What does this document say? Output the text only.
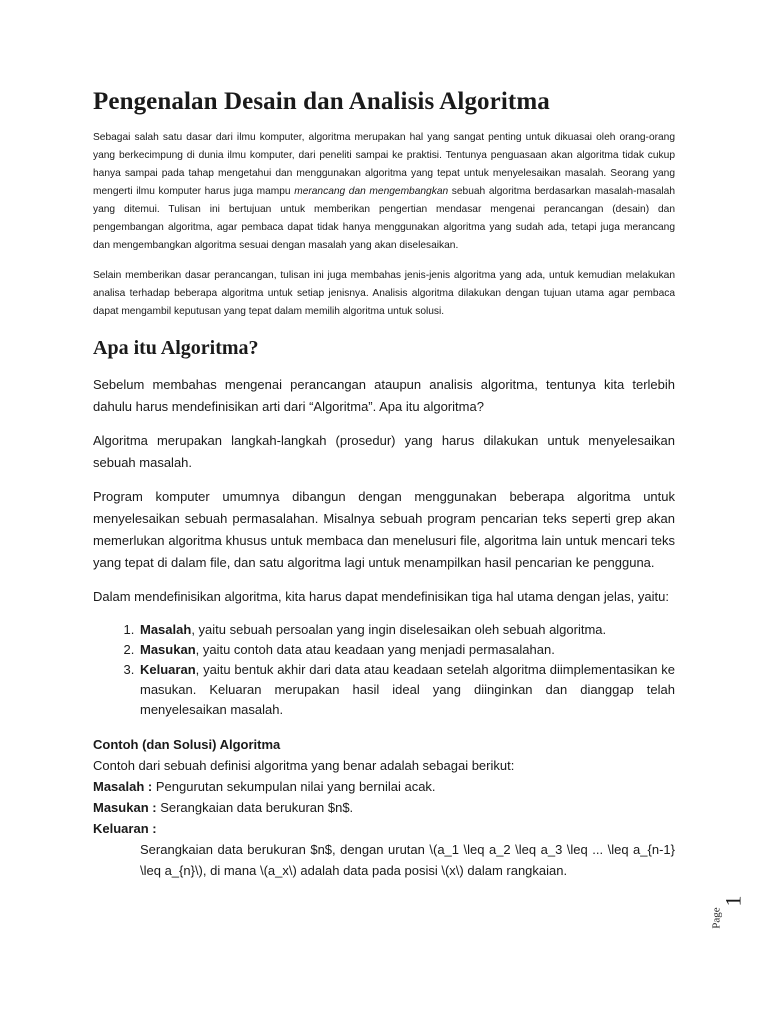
Pengenalan Desain dan Analisis Algoritma

Sebagai salah satu dasar dari ilmu komputer, algoritma merupakan hal yang sangat penting untuk dikuasai oleh orang-orang yang berkecimpung di dunia ilmu komputer, dari peneliti sampai ke praktisi. Tentunya penguasaan akan algoritma tidak cukup hanya sampai pada tahap mengetahui dan menggunakan algoritma yang tepat untuk menyelesaikan masalah. Seorang yang mengerti ilmu komputer harus juga mampu merancang dan mengembangkan sebuah algoritma berdasarkan masalah-masalah yang ditemui. Tulisan ini bertujuan untuk memberikan pengertian mendasar mengenai perancangan (desain) dan pengembangan algoritma, agar pembaca dapat tidak hanya menggunakan algoritma yang sudah ada, tetapi juga merancang dan mengembangkan algoritma sesuai dengan masalah yang akan diselesaikan.

Selain memberikan dasar perancangan, tulisan ini juga membahas jenis-jenis algoritma yang ada, untuk kemudian melakukan analisa terhadap beberapa algoritma untuk setiap jenisnya. Analisis algoritma dilakukan dengan tujuan utama agar pembaca dapat mengambil keputusan yang tepat dalam memilih algoritma untuk solusi.

Apa itu Algoritma?

Sebelum membahas mengenai perancangan ataupun analisis algoritma, tentunya kita terlebih dahulu harus mendefinisikan arti dari “Algoritma”. Apa itu algoritma?

Algoritma merupakan langkah-langkah (prosedur) yang harus dilakukan untuk menyelesaikan sebuah masalah.

Program komputer umumnya dibangun dengan menggunakan beberapa algoritma untuk menyelesaikan sebuah permasalahan. Misalnya sebuah program pencarian teks seperti grep akan memerlukan algoritma khusus untuk membaca dan menelusuri file, algoritma lain untuk mencari teks yang tepat di dalam file, dan satu algoritma lagi untuk menampilkan hasil pencarian ke pengguna.

Dalam mendefinisikan algoritma, kita harus dapat mendefinisikan tiga hal utama dengan jelas, yaitu:

1. Masalah, yaitu sebuah persoalan yang ingin diselesaikan oleh sebuah algoritma.
2. Masukan, yaitu contoh data atau keadaan yang menjadi permasalahan.
3. Keluaran, yaitu bentuk akhir dari data atau keadaan setelah algoritma diimplementasikan ke masukan. Keluaran merupakan hasil ideal yang diinginkan dan dianggap telah menyelesaikan masalah.

Contoh (dan Solusi) Algoritma

Contoh dari sebuah definisi algoritma yang benar adalah sebagai berikut:

Masalah : Pengurutan sekumpulan nilai yang bernilai acak.

Masukan : Serangkaian data berukuran $n$.

Keluaran :

Serangkaian data berukuran $n$, dengan urutan \(a_1 \leq a_2 \leq a_3 \leq ... \leq a_{n-1} \leq a_{n}\), di mana \(a_x\) adalah data pada posisi \(x\) dalam rangkaian.

Page
1
